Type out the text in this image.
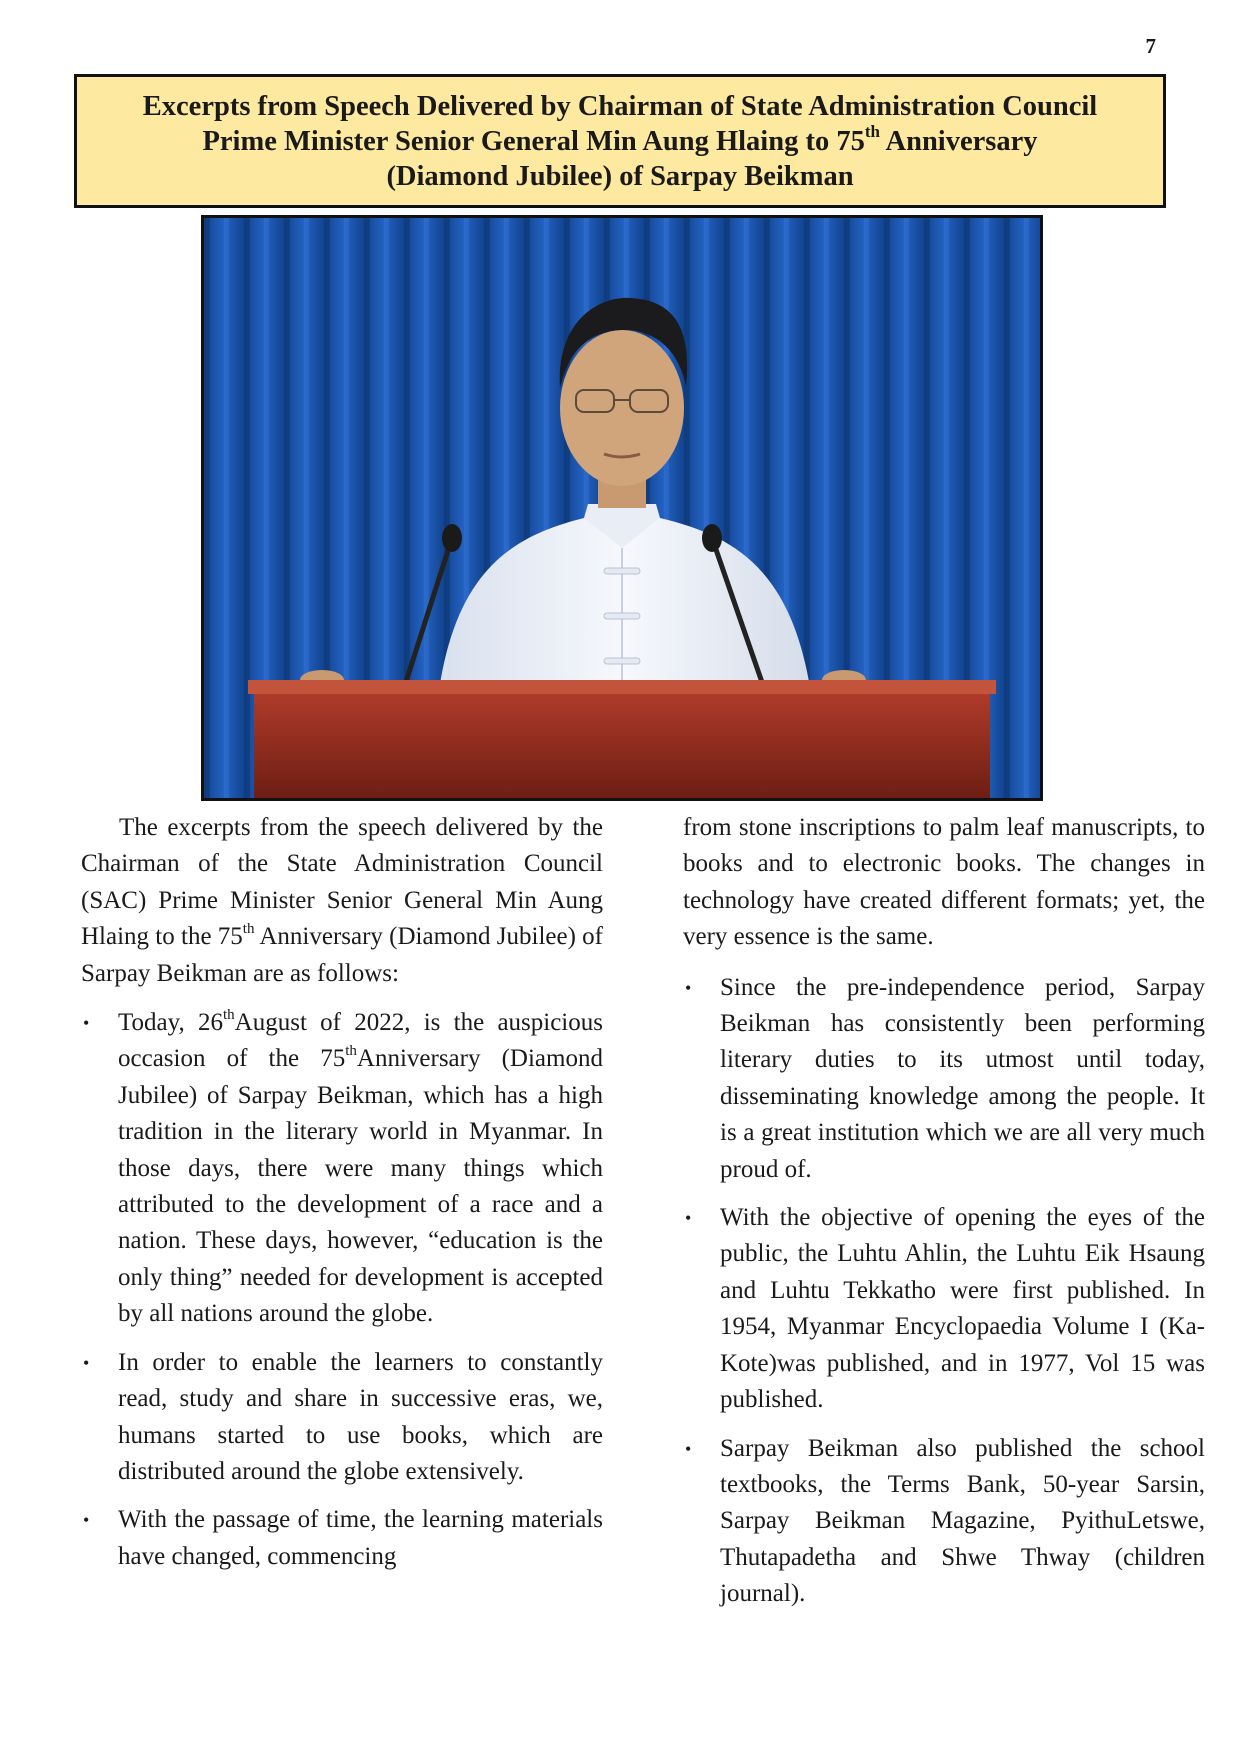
7
Excerpts from Speech Delivered by Chairman of State Administration Council
Prime Minister Senior General Min Aung Hlaing to 75th Anniversary
(Diamond Jubilee) of Sarpay Beikman

The excerpts from the speech delivered by the Chairman of the State Administration Council (SAC) Prime Minister Senior General Min Aung Hlaing to the 75th Anniversary (Diamond Jubilee) of Sarpay Beikman are as follows:

• Today, 26thAugust of 2022, is the auspicious occasion of the 75thAnniversary (Diamond Jubilee) of Sarpay Beikman, which has a high tradition in the literary world in Myanmar. In those days, there were many things which attributed to the development of a race and a nation. These days, however, “education is the only thing” needed for development is accepted by all nations around the globe.
• In order to enable the learners to constantly read, study and share in successive eras, we, humans started to use books, which are distributed around the globe extensively.
• With the passage of time, the learning materials have changed, commencing

from stone inscriptions to palm leaf manuscripts, to books and to electronic books. The changes in technology have created different formats; yet, the very essence is the same.

• Since the pre-independence period, Sarpay Beikman has consistently been performing literary duties to its utmost until today, disseminating knowledge among the people. It is a great institution which we are all very much proud of.
• With the objective of opening the eyes of the public, the Luhtu Ahlin, the Luhtu Eik Hsaung and Luhtu Tekkatho were first published. In 1954, Myanmar Encyclopaedia Volume I (Ka-Kote)was published, and in 1977, Vol 15 was published.
• Sarpay Beikman also published the school textbooks, the Terms Bank, 50-year Sarsin, Sarpay Beikman Magazine, PyithuLetswe, Thutapadetha and Shwe Thway (children journal).
